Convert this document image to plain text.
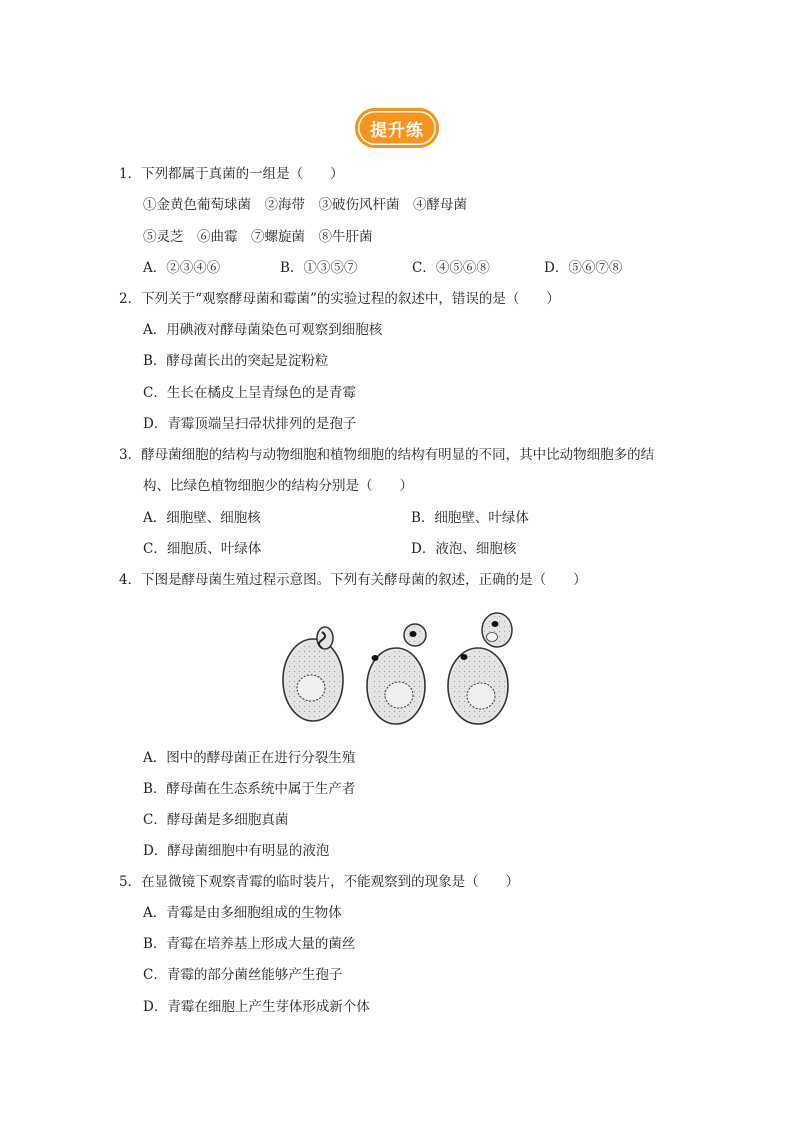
提升练
1．下列都属于真菌的一组是（　　）
①金黄色葡萄球菌　②海带　③破伤风杆菌　④酵母菌
⑤灵芝　⑥曲霉　⑦螺旋菌　⑧牛肝菌
A．②③④⑥	B．①③⑤⑦	C．④⑤⑥⑧	D．⑤⑥⑦⑧
2．下列关于“观察酵母菌和霉菌”的实验过程的叙述中，错误的是（　　）
A．用碘液对酵母菌染色可观察到细胞核
B．酵母菌长出的突起是淀粉粒
C．生长在橘皮上呈青绿色的是青霉
D．青霉顶端呈扫帚状排列的是孢子
3．酵母菌细胞的结构与动物细胞和植物细胞的结构有明显的不同，其中比动物细胞多的结
构、比绿色植物细胞少的结构分别是（　　）
A．细胞壁、细胞核	B．细胞壁、叶绿体
C．细胞质、叶绿体	D．液泡、细胞核
4．下图是酵母菌生殖过程示意图。下列有关酵母菌的叙述，正确的是（　　）
A．图中的酵母菌正在进行分裂生殖
B．酵母菌在生态系统中属于生产者
C．酵母菌是多细胞真菌
D．酵母菌细胞中有明显的液泡
5．在显微镜下观察青霉的临时装片，不能观察到的现象是（　　）
A．青霉是由多细胞组成的生物体
B．青霉在培养基上形成大量的菌丝
C．青霉的部分菌丝能够产生孢子
D．青霉在细胞上产生芽体形成新个体
